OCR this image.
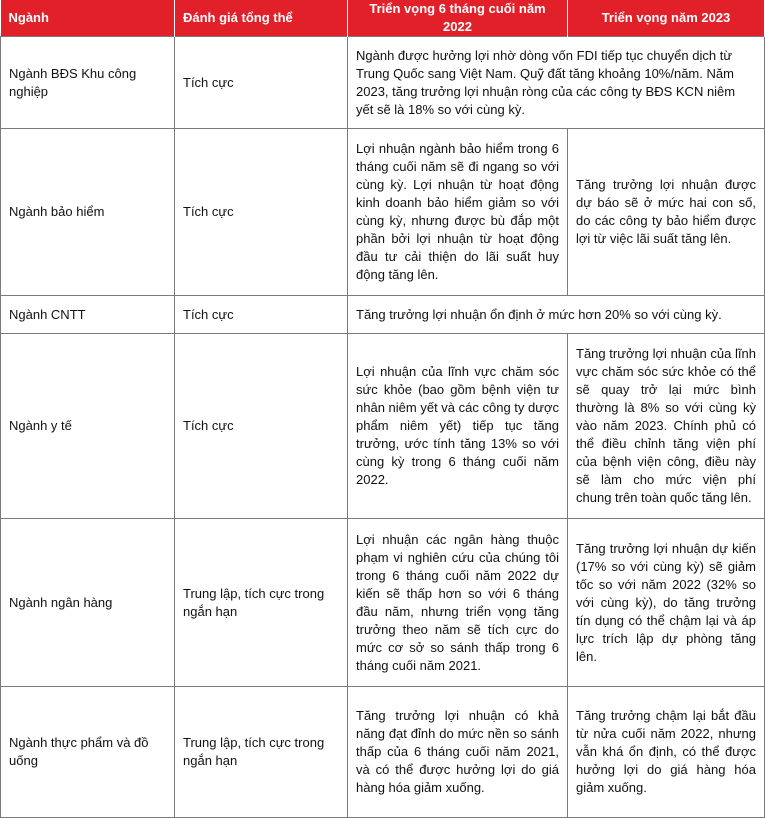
Ngành	Đánh giá tổng thể	Triển vọng 6 tháng cuối năm 2022	Triển vọng năm 2023
Ngành BĐS Khu công nghiệp	Tích cực	Ngành được hưởng lợi nhờ dòng vốn FDI tiếp tục chuyển dịch từ Trung Quốc sang Việt Nam. Quỹ đất tăng khoảng 10%/năm. Năm 2023, tăng trưởng lợi nhuận ròng của các công ty BĐS KCN niêm yết sẽ là 18% so với cùng kỳ.	
Ngành bảo hiểm	Tích cực	Lợi nhuận ngành bảo hiểm trong 6 tháng cuối năm sẽ đi ngang so với cùng kỳ. Lợi nhuận từ hoạt động kinh doanh bảo hiểm giảm so với cùng kỳ, nhưng được bù đắp một phần bởi lợi nhuận từ hoạt động đầu tư cải thiện do lãi suất huy động tăng lên.	Tăng trưởng lợi nhuận được dự báo sẽ ở mức hai con số, do các công ty bảo hiểm được lợi từ việc lãi suất tăng lên.
Ngành CNTT	Tích cực	Tăng trưởng lợi nhuận ổn định ở mức hơn 20% so với cùng kỳ.	
Ngành y tế	Tích cực	Lợi nhuận của lĩnh vực chăm sóc sức khỏe (bao gồm bệnh viện tư nhân niêm yết và các công ty dược phẩm niêm yết) tiếp tục tăng trưởng, ước tính tăng 13% so với cùng kỳ trong 6 tháng cuối năm 2022.	Tăng trưởng lợi nhuận của lĩnh vực chăm sóc sức khỏe có thể sẽ quay trở lại mức bình thường là 8% so với cùng kỳ vào năm 2023. Chính phủ có thể điều chỉnh tăng viện phí của bệnh viện công, điều này sẽ làm cho mức viện phí chung trên toàn quốc tăng lên.
Ngành ngân hàng	Trung lập, tích cực trong ngắn hạn	Lợi nhuận các ngân hàng thuộc phạm vi nghiên cứu của chúng tôi trong 6 tháng cuối năm 2022 dự kiến sẽ thấp hơn so với 6 tháng đầu năm, nhưng triển vọng tăng trưởng theo năm sẽ tích cực do mức cơ sở so sánh thấp trong 6 tháng cuối năm 2021.	Tăng trưởng lợi nhuận dự kiến (17% so với cùng kỳ) sẽ giảm tốc so với năm 2022 (32% so với cùng kỳ), do tăng trưởng tín dụng có thể chậm lại và áp lực trích lập dự phòng tăng lên.
Ngành thực phẩm và đồ uống	Trung lập, tích cực trong ngắn hạn	Tăng trưởng lợi nhuận có khả năng đạt đỉnh do mức nền so sánh thấp của 6 tháng cuối năm 2021, và có thể được hưởng lợi do giá hàng hóa giảm xuống.	Tăng trưởng chậm lại bắt đầu từ nửa cuối năm 2022, nhưng vẫn khá ổn định, có thể được hưởng lợi do giá hàng hóa giảm xuống.
